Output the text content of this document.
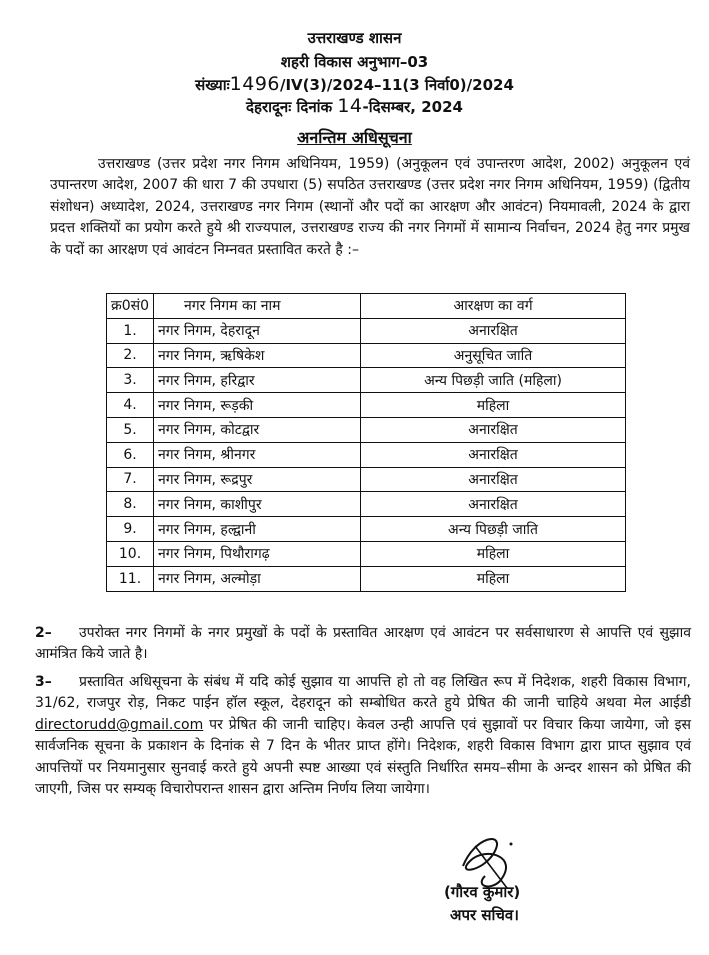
उत्तराखण्ड शासन
शहरी विकास अनुभाग–03
संख्याः1496/IV(3)/2024–11(3 निर्वा0)/2024
देहरादूनः दिनांक 14-दिसम्बर, 2024
अनन्तिम अधिसूचना
उत्तराखण्ड (उत्तर प्रदेश नगर निगम अधिनियम, 1959) (अनुकूलन एवं उपान्तरण आदेश, 2002) अनुकूलन एवं उपान्तरण आदेश, 2007 की धारा 7 की उपधारा (5) सपठित उत्तराखण्ड (उत्तर प्रदेश नगर निगम अधिनियम, 1959) (द्वितीय संशोधन) अध्यादेश, 2024, उत्तराखण्ड नगर निगम (स्थानों और पदों का आरक्षण और आवंटन) नियमावली, 2024 के द्वारा प्रदत्त शक्तियों का प्रयोग करते हुये श्री राज्यपाल, उत्तराखण्ड राज्य की नगर निगमों में सामान्य निर्वाचन, 2024 हेतु नगर प्रमुख के पदों का आरक्षण एवं आवंटन निम्नवत प्रस्तावित करते है :–
क्र0सं0	नगर निगम का नाम	आरक्षण का वर्ग
1.	नगर निगम, देहरादून	अनारक्षित
2.	नगर निगम, ऋषिकेश	अनुसूचित जाति
3.	नगर निगम, हरिद्वार	अन्य पिछड़ी जाति (महिला)
4.	नगर निगम, रूड़की	महिला
5.	नगर निगम, कोटद्वार	अनारक्षित
6.	नगर निगम, श्रीनगर	अनारक्षित
7.	नगर निगम, रूद्रपुर	अनारक्षित
8.	नगर निगम, काशीपुर	अनारक्षित
9.	नगर निगम, हल्द्वानी	अन्य पिछड़ी जाति
10.	नगर निगम, पिथौरागढ़	महिला
11.	नगर निगम, अल्मोड़ा	महिला
2–	उपरोक्त नगर निगमों के नगर प्रमुखों के पदों के प्रस्तावित आरक्षण एवं आवंटन पर सर्वसाधारण से आपत्ति एवं सुझाव आमंत्रित किये जाते है।
3–	प्रस्तावित अधिसूचना के संबंध में यदि कोई सुझाव या आपत्ति हो तो वह लिखित रूप में निदेशक, शहरी विकास विभाग, 31/62, राजपुर रोड़, निकट पाईन हॉल स्कूल, देहरादून को सम्बोधित करते हुये प्रेषित की जानी चाहिये अथवा मेल आईडी directorudd@gmail.com पर प्रेषित की जानी चाहिए। केवल उन्ही आपत्ति एवं सुझावों पर विचार किया जायेगा, जो इस सार्वजनिक सूचना के प्रकाशन के दिनांक से 7 दिन के भीतर प्राप्त होंगे। निदेशक, शहरी विकास विभाग द्वारा प्राप्त सुझाव एवं आपत्तियों पर नियमानुसार सुनवाई करते हुये अपनी स्पष्ट आख्या एवं संस्तुति निर्धारित समय–सीमा के अन्दर शासन को प्रेषित की जाएगी, जिस पर सम्यक् विचारोपरान्त शासन द्वारा अन्तिम निर्णय लिया जायेगा।
(गौरव कुमार)
अपर सचिव।
